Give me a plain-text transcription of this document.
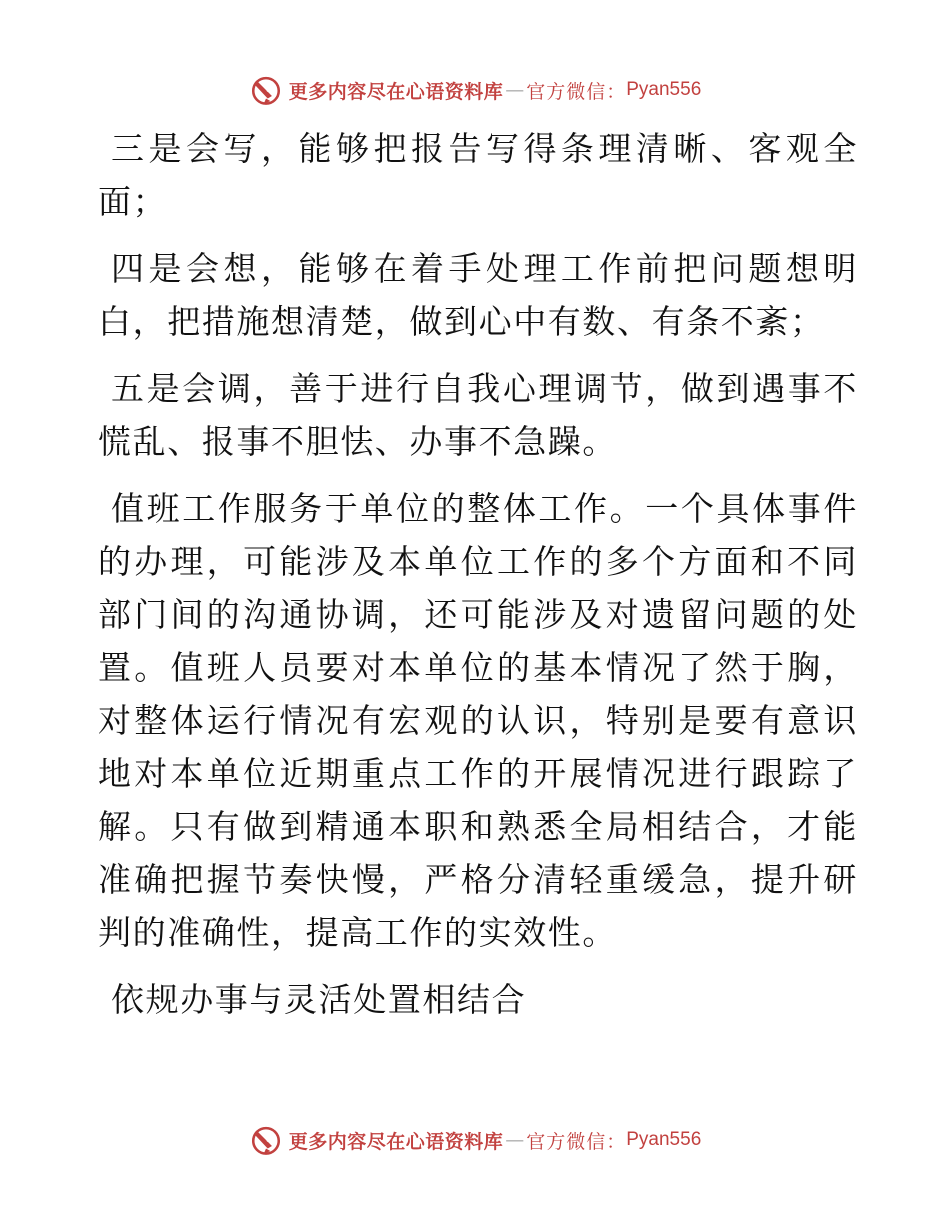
更多内容尽在心语资料库 — 官方微信： Pyan556

三是会写，能够把报告写得条理清晰、客观全面；

四是会想，能够在着手处理工作前把问题想明白，把措施想清楚，做到心中有数、有条不紊；

五是会调，善于进行自我心理调节，做到遇事不慌乱、报事不胆怯、办事不急躁。

值班工作服务于单位的整体工作。一个具体事件的办理，可能涉及本单位工作的多个方面和不同部门间的沟通协调，还可能涉及对遗留问题的处置。值班人员要对本单位的基本情况了然于胸，对整体运行情况有宏观的认识，特别是要有意识地对本单位近期重点工作的开展情况进行跟踪了解。只有做到精通本职和熟悉全局相结合，才能准确把握节奏快慢，严格分清轻重缓急，提升研判的准确性，提高工作的实效性。

依规办事与灵活处置相结合

更多内容尽在心语资料库 — 官方微信： Pyan556
